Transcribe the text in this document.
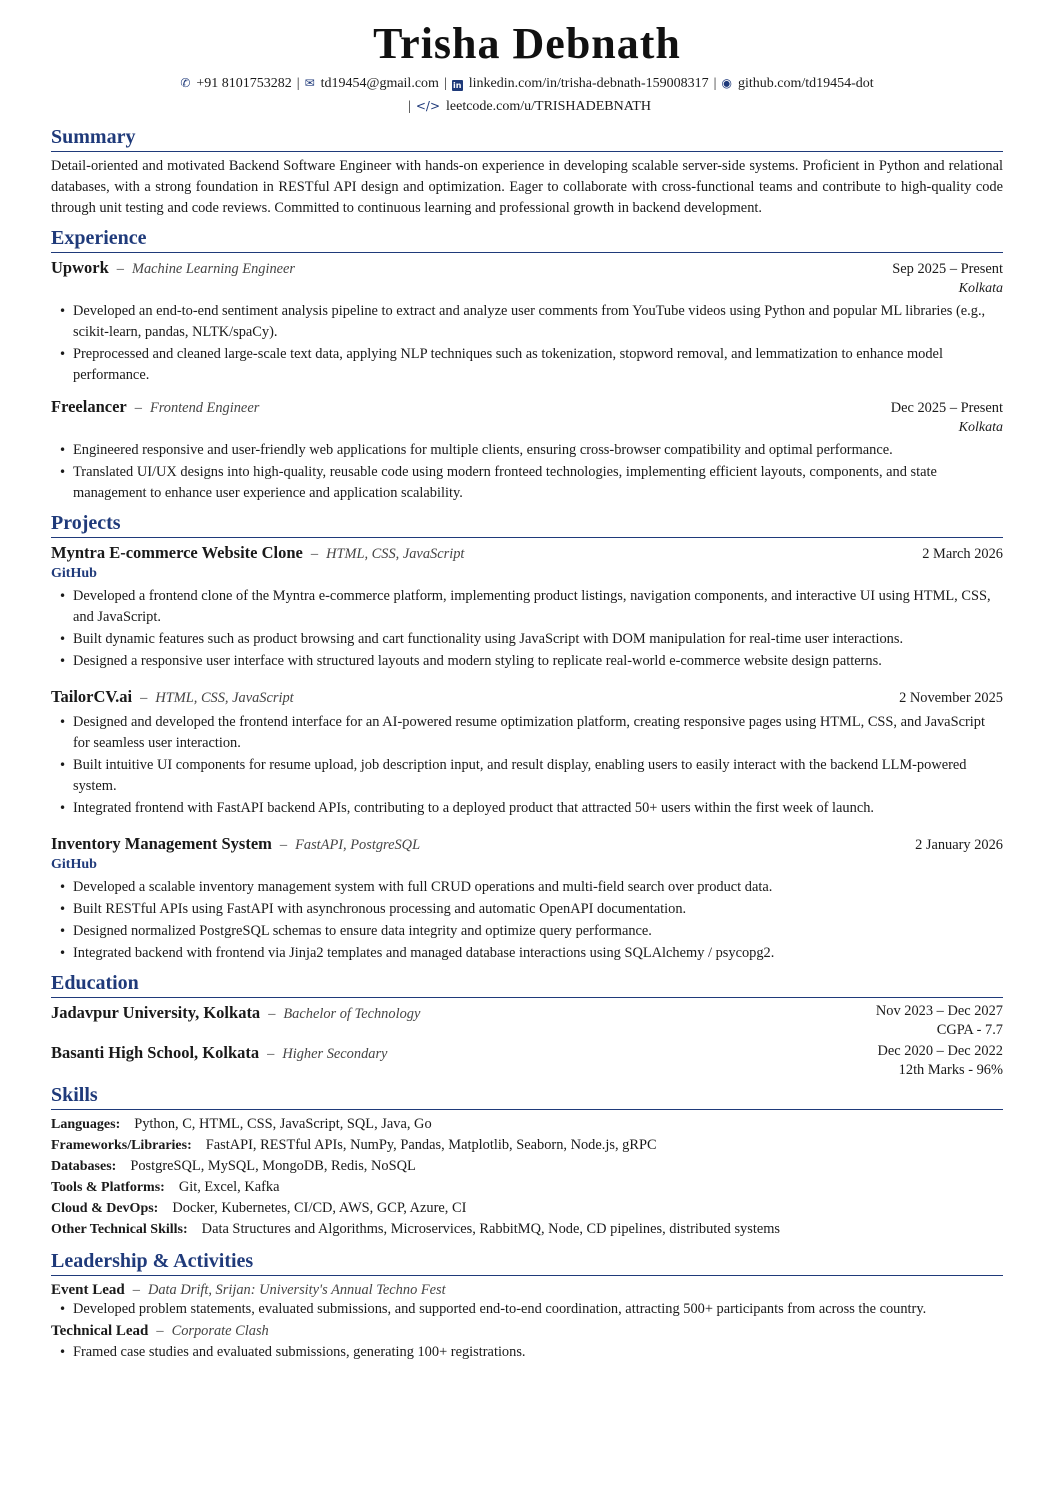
Trisha Debnath
✆ +91 8101753282 | ✉ td19454@gmail.com | in linkedin.com/in/trisha-debnath-159008317 | ◉ github.com/td19454-dot
| </> leetcode.com/u/TRISHADEBNATH
Summary
Detail-oriented and motivated Backend Software Engineer with hands-on experience in developing scalable server-side systems. Proficient in Python and relational databases, with a strong foundation in RESTful API design and optimization. Eager to collaborate with cross-functional teams and contribute to high-quality code through unit testing and code reviews. Committed to continuous learning and professional growth in backend development.
Experience
Upwork – Machine Learning Engineer	Sep 2025 – Present
Kolkata
• Developed an end-to-end sentiment analysis pipeline to extract and analyze user comments from YouTube videos using Python and popular ML libraries (e.g., scikit-learn, pandas, NLTK/spaCy).
• Preprocessed and cleaned large-scale text data, applying NLP techniques such as tokenization, stopword removal, and lemmatization to enhance model performance.
Freelancer – Frontend Engineer	Dec 2025 – Present
Kolkata
• Engineered responsive and user-friendly web applications for multiple clients, ensuring cross-browser compatibility and optimal performance.
• Translated UI/UX designs into high-quality, reusable code using modern fronteed technologies, implementing efficient layouts, components, and state management to enhance user experience and application scalability.
Projects
Myntra E-commerce Website Clone – HTML, CSS, JavaScript	2 March 2026
GitHub
• Developed a frontend clone of the Myntra e-commerce platform, implementing product listings, navigation components, and interactive UI using HTML, CSS, and JavaScript.
• Built dynamic features such as product browsing and cart functionality using JavaScript with DOM manipulation for real-time user interactions.
• Designed a responsive user interface with structured layouts and modern styling to replicate real-world e-commerce website design patterns.
TailorCV.ai – HTML, CSS, JavaScript	2 November 2025
• Designed and developed the frontend interface for an AI-powered resume optimization platform, creating responsive pages using HTML, CSS, and JavaScript for seamless user interaction.
• Built intuitive UI components for resume upload, job description input, and result display, enabling users to easily interact with the backend LLM-powered system.
• Integrated frontend with FastAPI backend APIs, contributing to a deployed product that attracted 50+ users within the first week of launch.
Inventory Management System – FastAPI, PostgreSQL	2 January 2026
GitHub
• Developed a scalable inventory management system with full CRUD operations and multi-field search over product data.
• Built RESTful APIs using FastAPI with asynchronous processing and automatic OpenAPI documentation.
• Designed normalized PostgreSQL schemas to ensure data integrity and optimize query performance.
• Integrated backend with frontend via Jinja2 templates and managed database interactions using SQLAlchemy / psycopg2.
Education
Jadavpur University, Kolkata – Bachelor of Technology	Nov 2023 – Dec 2027
CGPA - 7.7
Basanti High School, Kolkata – Higher Secondary	Dec 2020 – Dec 2022
12th Marks - 96%
Skills
Languages: Python, C, HTML, CSS, JavaScript, SQL, Java, Go
Frameworks/Libraries: FastAPI, RESTful APIs, NumPy, Pandas, Matplotlib, Seaborn, Node.js, gRPC
Databases: PostgreSQL, MySQL, MongoDB, Redis, NoSQL
Tools & Platforms: Git, Excel, Kafka
Cloud & DevOps: Docker, Kubernetes, CI/CD, AWS, GCP, Azure, CI
Other Technical Skills: Data Structures and Algorithms, Microservices, RabbitMQ, Node, CD pipelines, distributed systems
Leadership & Activities
Event Lead – Data Drift, Srijan: University's Annual Techno Fest
• Developed problem statements, evaluated submissions, and supported end-to-end coordination, attracting 500+ participants from across the country.
Technical Lead – Corporate Clash
• Framed case studies and evaluated submissions, generating 100+ registrations.
